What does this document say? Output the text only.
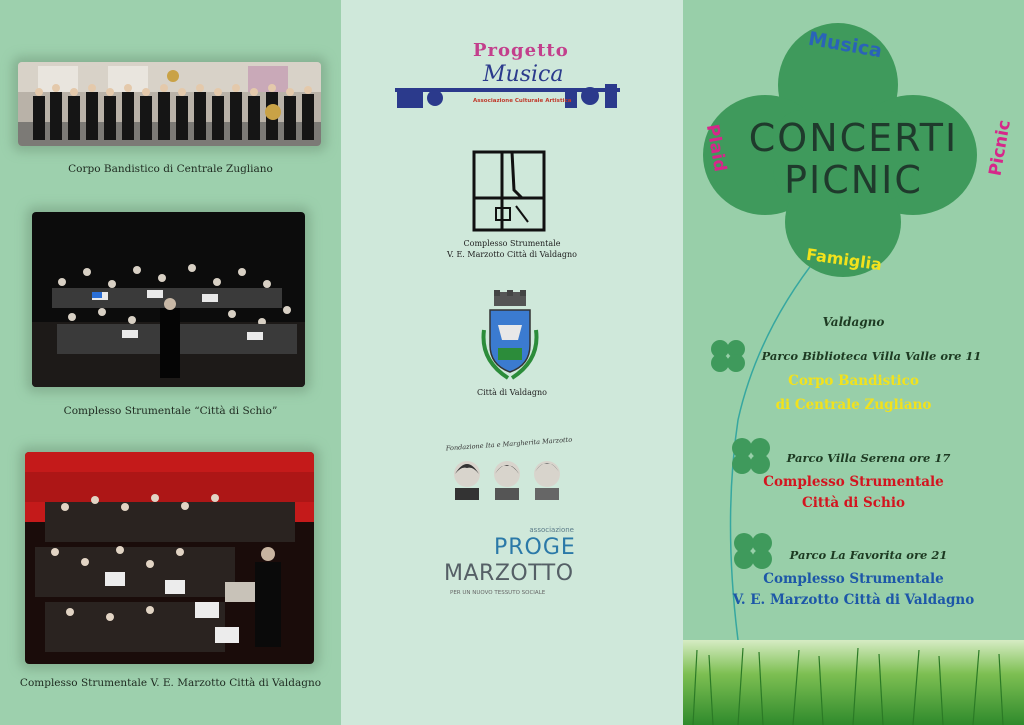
Corpo Bandistico di Centrale Zugliano
Complesso Strumentale “Città di Schio”
Complesso Strumentale V. E. Marzotto Città di Valdagno
Progetto
Musica
Associazione Culturale Artistica
Complesso Strumentale
V. E. Marzotto Città di Valdagno
Città di Valdagno
Fondazione Ita e Margherita Marzotto
associazione
PROGE
MARZOTTO
PER UN NUOVO TESSUTO SOCIALE
Musica
Plaid	Picnic
Famiglia
CONCERTI
PICNIC
Valdagno
Parco Biblioteca Villa Valle ore 11
Corpo Bandistico
di Centrale Zugliano
Parco Villa Serena ore 17
Complesso Strumentale
Città di Schio
Parco La Favorita ore 21
Complesso Strumentale
V. E. Marzotto Città di Valdagno
